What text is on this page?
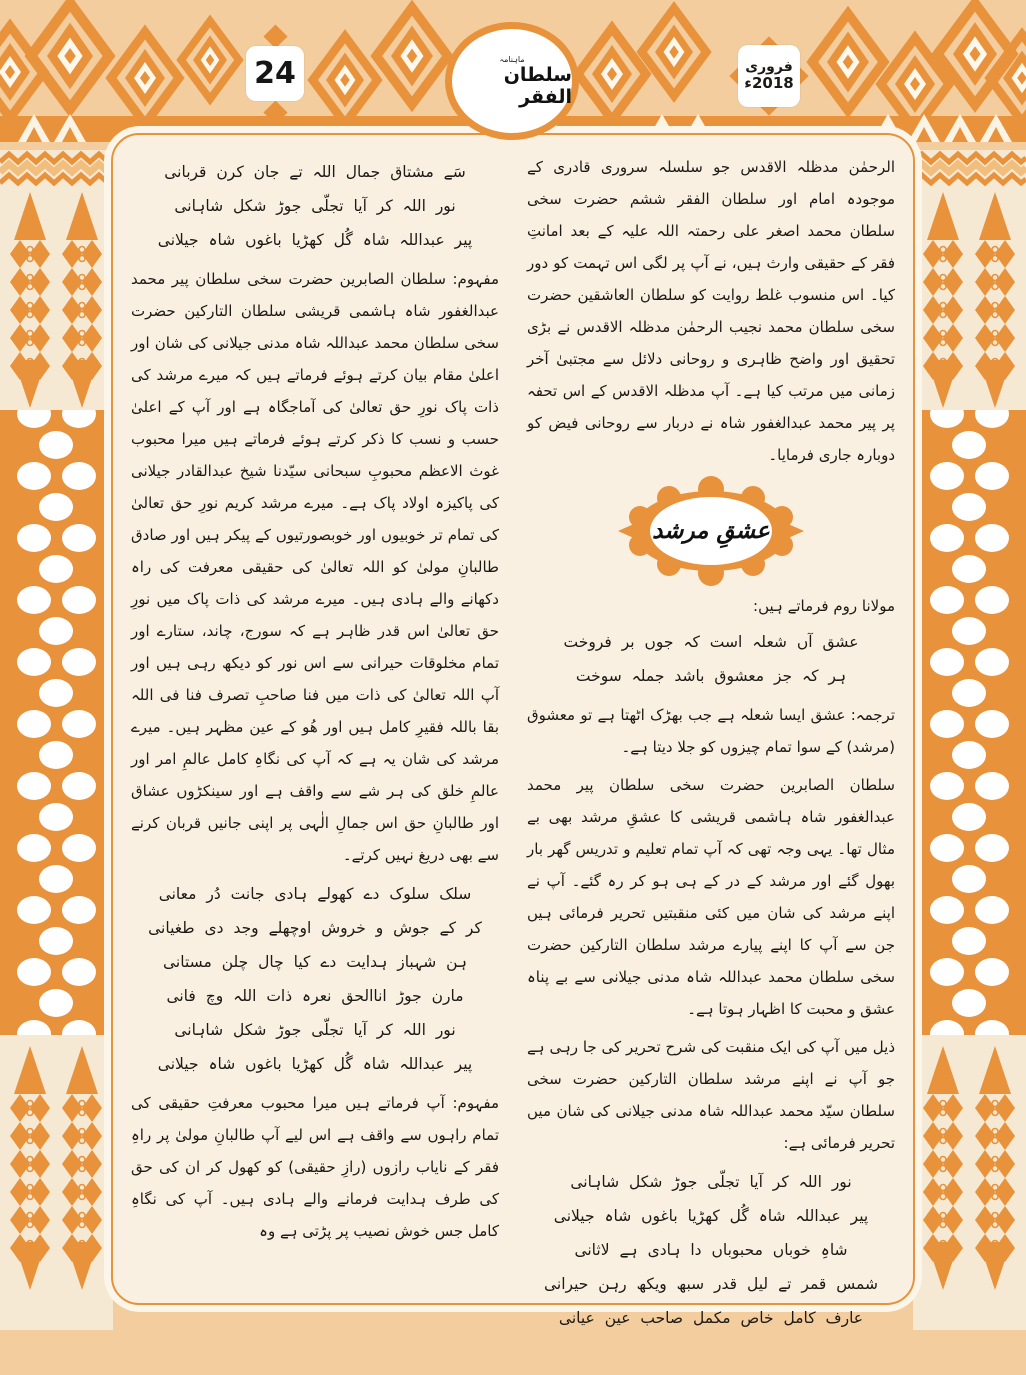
24	ماہنامہ
سلطان الفقر
فروری
2018ء

الرحمٰن مدظلہ الاقدس جو سلسلہ سروری قادری کے موجودہ امام اور سلطان الفقر ششم حضرت سخی سلطان محمد اصغر علی رحمتہ اللہ علیہ کے بعد امانتِ فقر کے حقیقی وارث ہیں، نے آپ پر لگی اس تہمت کو دور کیا۔ اس منسوب غلط روایت کو سلطان العاشقین حضرت سخی سلطان محمد نجیب الرحمٰن مدظلہ الاقدس نے بڑی تحقیق اور واضح ظاہری و روحانی دلائل سے مجتبیٰ آخر زمانی میں مرتب کیا ہے۔ آپ مدظلہ الاقدس کے اس تحفہ پر پیر محمد عبدالغفور شاہ نے دربار سے روحانی فیض کو دوبارہ جاری فرمایا۔

عشقِ مرشد

مولانا روم فرماتے ہیں:

عشق آں شعلہ است کہ جوں بر فروخت
ہر کہ جز معشوق باشد جملہ سوخت

ترجمہ: عشق ایسا شعلہ ہے جب بھڑک اٹھتا ہے تو معشوق (مرشد) کے سوا تمام چیزوں کو جلا دیتا ہے۔

سلطان الصابرین حضرت سخی سلطان پیر محمد عبدالغفور شاہ ہاشمی قریشی کا عشقِ مرشد بھی بے مثال تھا۔ یہی وجہ تھی کہ آپ تمام تعلیم و تدریس گھر بار بھول گئے اور مرشد کے در کے ہی ہو کر رہ گئے۔ آپ نے اپنے مرشد کی شان میں کئی منقبتیں تحریر فرمائی ہیں جن سے آپ کا اپنے پیارے مرشد سلطان التارکین حضرت سخی سلطان محمد عبداللہ شاہ مدنی جیلانی سے بے پناہ عشق و محبت کا اظہار ہوتا ہے۔

ذیل میں آپ کی ایک منقبت کی شرح تحریر کی جا رہی ہے جو آپ نے اپنے مرشد سلطان التارکین حضرت سخی سلطان سیّد محمد عبداللہ شاہ مدنی جیلانی کی شان میں تحریر فرمائی ہے:

نور اللہ کر آیا تجلّی جوڑ شکل شاہانی
پیر عبداللہ شاہ گُل کھڑیا باغوں شاہ جیلانی
شاہِ خوباں محبوباں دا ہادی ہے لاثانی
شمس قمر تے لیل قدر سبھ ویکھ رہن حیرانی
عارف کامل خاص مکمل صاحب عین عیانی
سَے مشتاق جمال اللہ تے جان کرن قربانی
نور اللہ کر آیا تجلّی جوڑ شکل شاہانی
پیر عبداللہ شاہ گُل کھڑیا باغوں شاہ جیلانی

مفہوم: سلطان الصابرین حضرت سخی سلطان پیر محمد عبدالغفور شاہ ہاشمی قریشی سلطان التارکین حضرت سخی سلطان محمد عبداللہ شاہ مدنی جیلانی کی شان اور اعلیٰ مقام بیان کرتے ہوئے فرماتے ہیں کہ میرے مرشد کی ذات پاک نورِ حق تعالیٰ کی آماجگاہ ہے اور آپ کے اعلیٰ حسب و نسب کا ذکر کرتے ہوئے فرماتے ہیں میرا محبوب غوث الاعظم محبوبِ سبحانی سیّدنا شیخ عبدالقادر جیلانی کی پاکیزہ اولاد پاک ہے۔ میرے مرشد کریم نورِ حق تعالیٰ کی تمام تر خوبیوں اور خوبصورتیوں کے پیکر ہیں اور صادق طالبانِ مولیٰ کو اللہ تعالیٰ کی حقیقی معرفت کی راہ دکھانے والے ہادی ہیں۔ میرے مرشد کی ذات پاک میں نورِ حق تعالیٰ اس قدر ظاہر ہے کہ سورج، چاند، ستارے اور تمام مخلوقات حیرانی سے اس نور کو دیکھ رہی ہیں اور آپ اللہ تعالیٰ کی ذات میں فنا صاحبِ تصرف فنا فی اللہ بقا باللہ فقیرِ کامل ہیں اور ھُو کے عین مظہر ہیں۔ میرے مرشد کی شان یہ ہے کہ آپ کی نگاہِ کامل عالمِ امر اور عالمِ خلق کی ہر شے سے واقف ہے اور سینکڑوں عشاق اور طالبانِ حق اس جمالِ الٰہی پر اپنی جانیں قربان کرنے سے بھی دریغ نہیں کرتے۔

سلک سلوک دے کھولے ہادی جانت دُر معانی
کر کے جوش و خروش اوچھلے وجد دی طغیانی
ہن شہباز ہدایت دے کیا چال چلن مستانی
مارن جوڑ اناالحق نعرہ ذات اللہ وچ فانی
نور اللہ کر آیا تجلّی جوڑ شکل شاہانی
پیر عبداللہ شاہ گُل کھڑیا باغوں شاہ جیلانی

مفہوم: آپ فرماتے ہیں میرا محبوب معرفتِ حقیقی کی تمام راہوں سے واقف ہے اس لیے آپ طالبانِ مولیٰ پر راہِ فقر کے نایاب رازوں (رازِ حقیقی) کو کھول کر ان کی حق کی طرف ہدایت فرمانے والے ہادی ہیں۔ آپ کی نگاہِ کامل جس خوش نصیب پر پڑتی ہے وہ
